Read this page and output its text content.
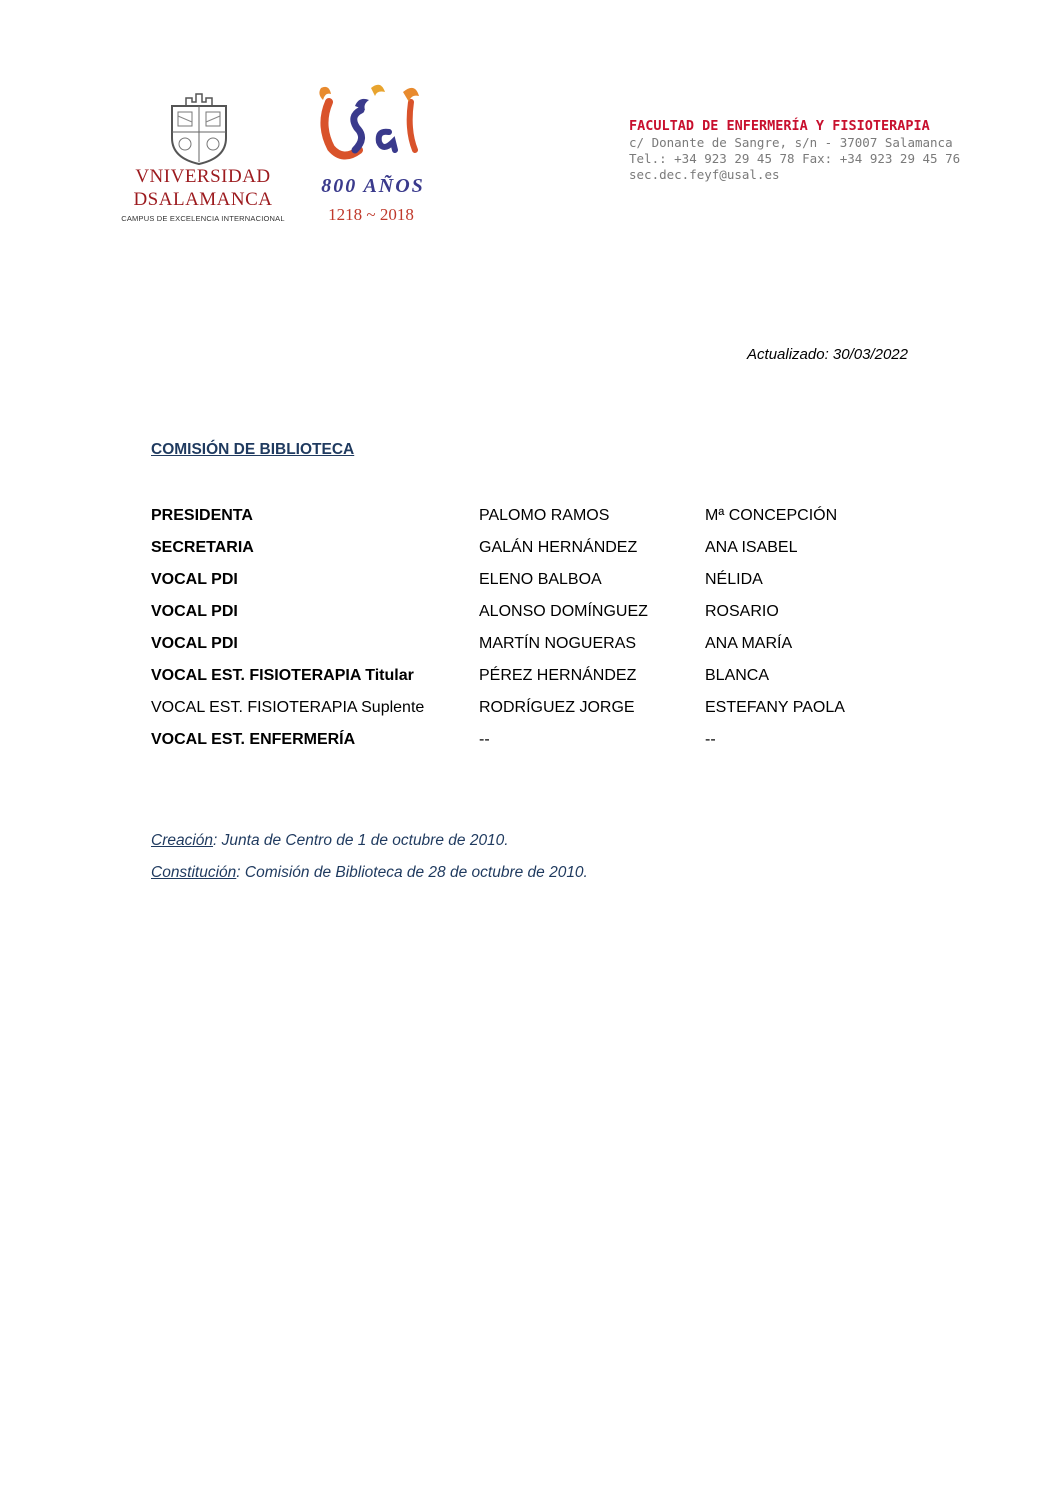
VNIVERSIDAD
DSALAMANCA
CAMPUS DE EXCELENCIA INTERNACIONAL
800 AÑOS
1218 ~ 2018
FACULTAD DE ENFERMERÍA Y FISIOTERAPIA
c/ Donante de Sangre, s/n - 37007 Salamanca
Tel.: +34 923 29 45 78 Fax: +34 923 29 45 76
sec.dec.feyf@usal.es
Actualizado: 30/03/2022
COMISIÓN DE BIBLIOTECA
PRESIDENTA	PALOMO RAMOS	Mª CONCEPCIÓN
SECRETARIA	GALÁN HERNÁNDEZ	ANA ISABEL
VOCAL PDI	ELENO BALBOA	NÉLIDA
VOCAL PDI	ALONSO DOMÍNGUEZ	ROSARIO
VOCAL PDI	MARTÍN NOGUERAS	ANA MARÍA
VOCAL EST. FISIOTERAPIA Titular	PÉREZ HERNÁNDEZ	BLANCA
VOCAL EST. FISIOTERAPIA Suplente	RODRÍGUEZ JORGE	ESTEFANY PAOLA
VOCAL EST. ENFERMERÍA	--	--
Creación: Junta de Centro de 1 de octubre de 2010.
Constitución: Comisión de Biblioteca de 28 de octubre de 2010.
